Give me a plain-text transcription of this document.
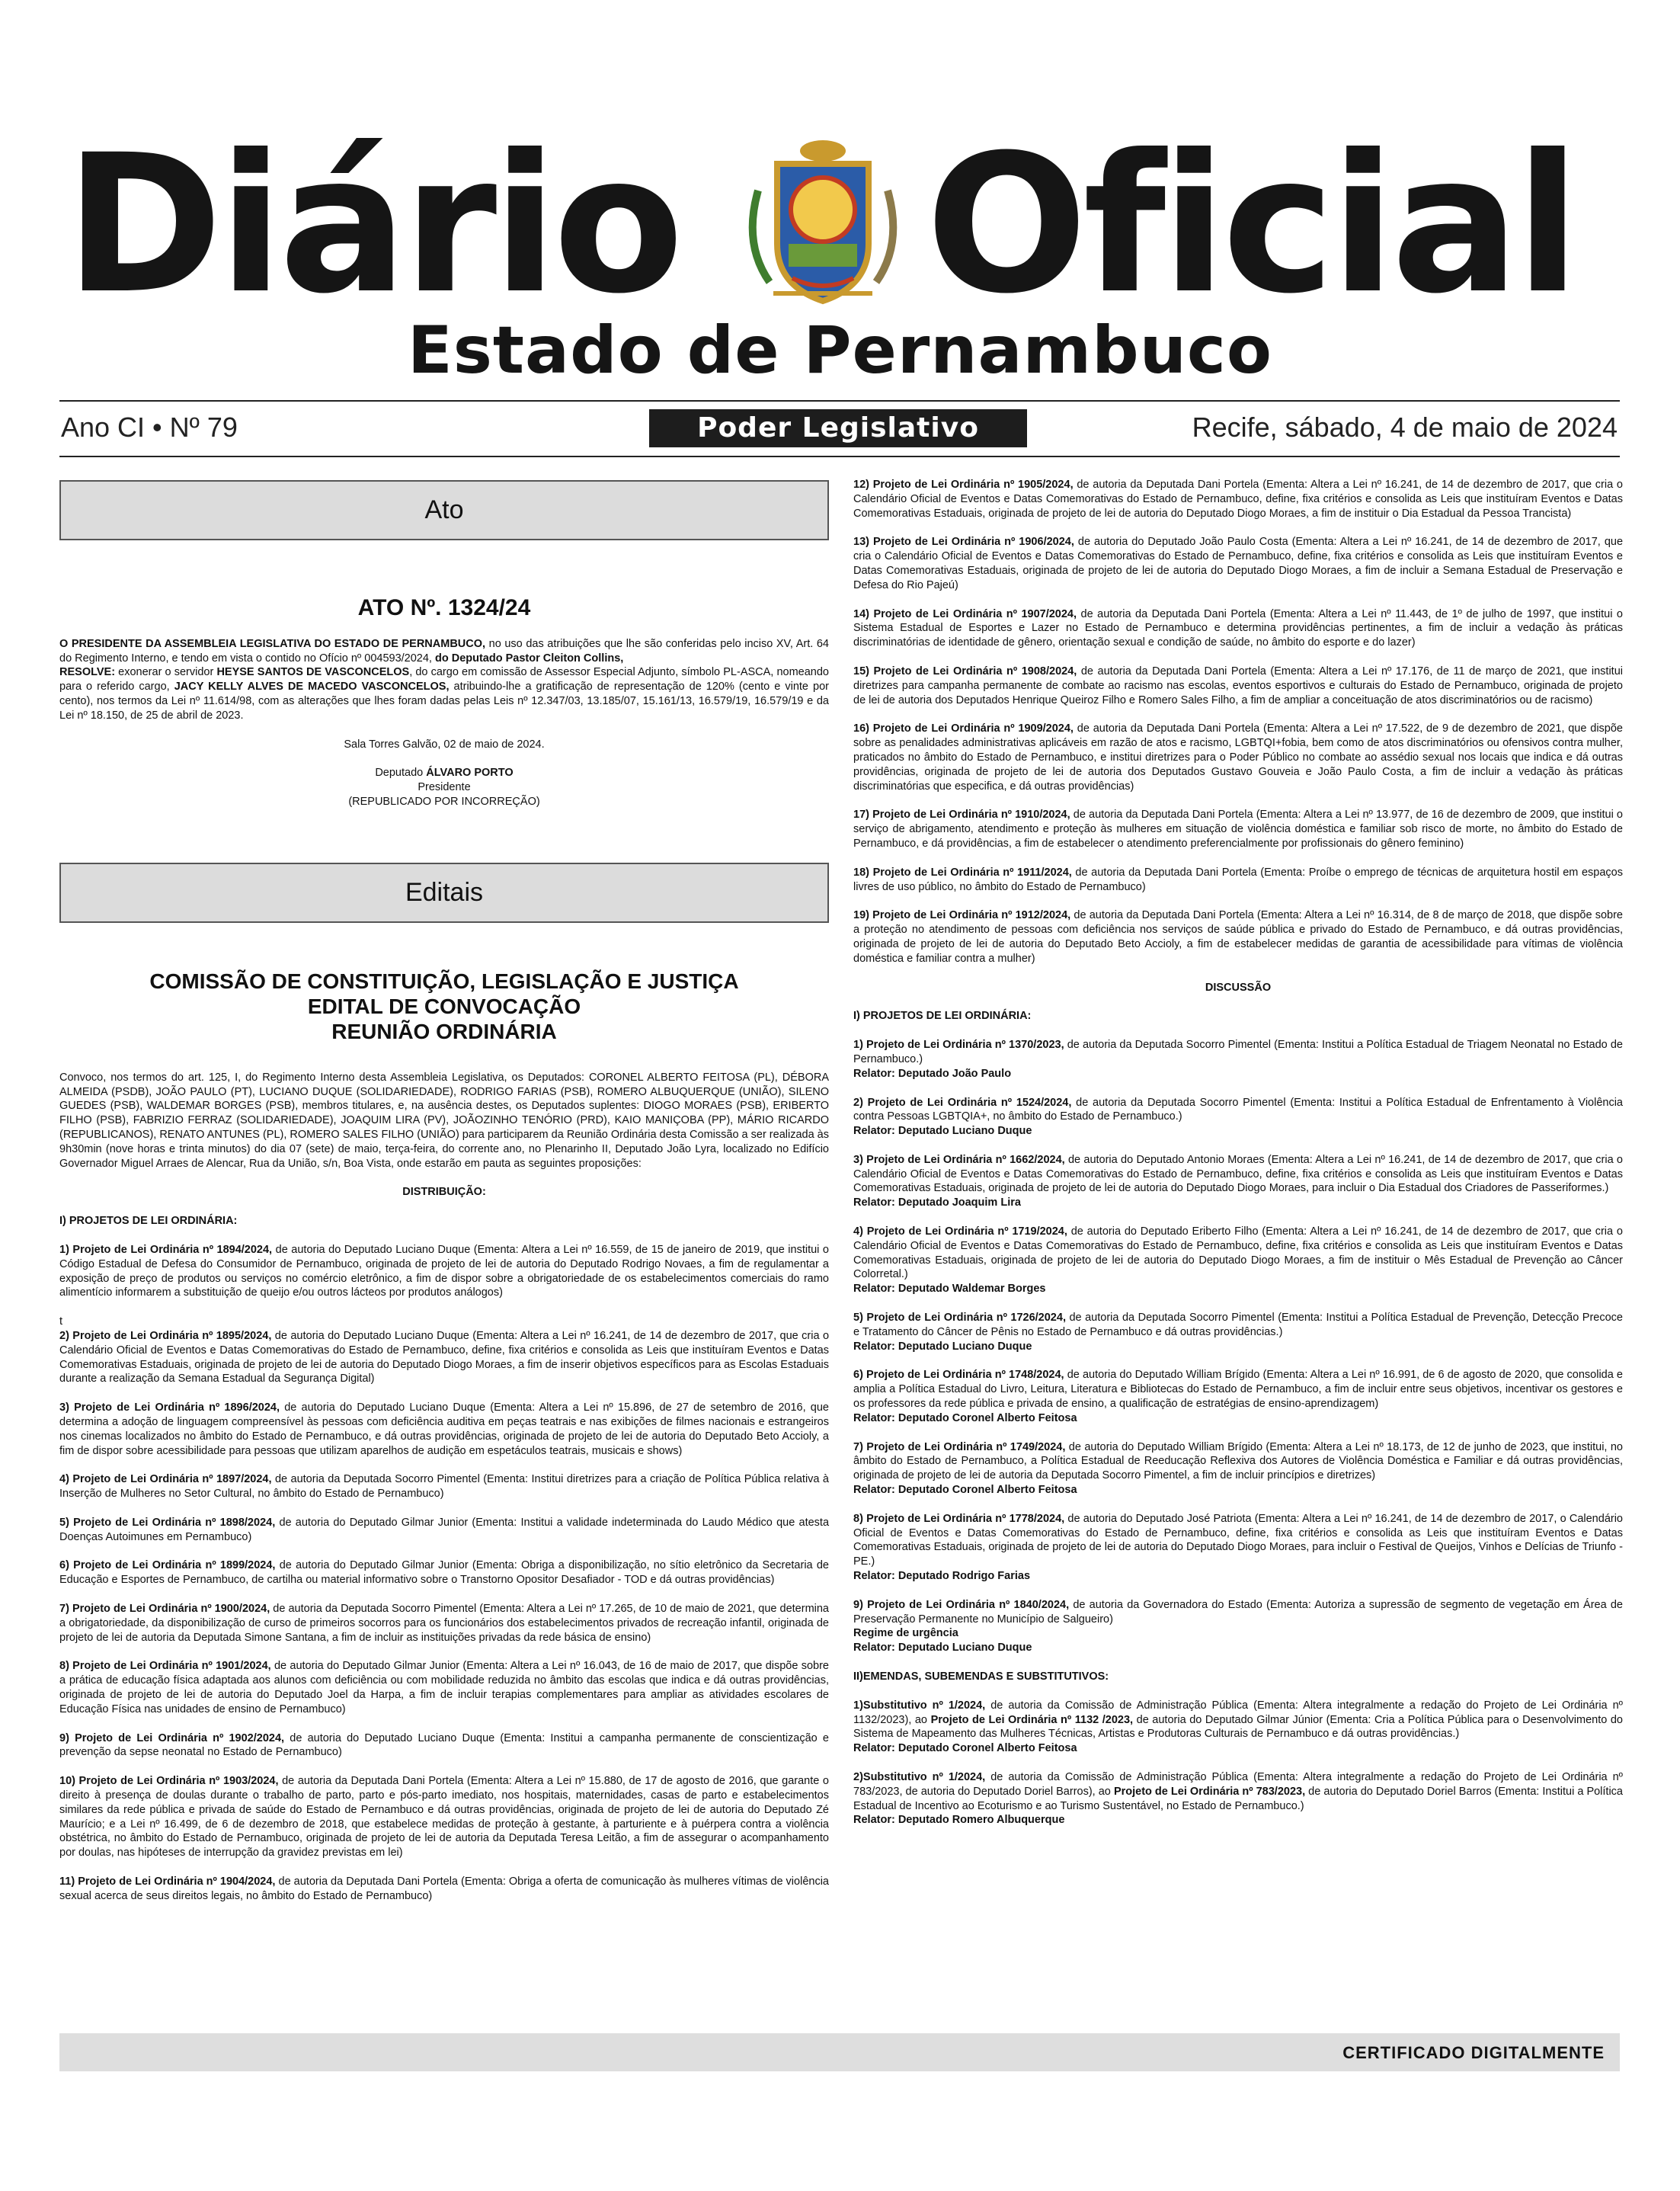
Diário Oficial
Estado de Pernambuco
Ano CI • Nº 79	Poder Legislativo	Recife, sábado, 4 de maio de 2024
Ato
ATO Nº. 1324/24
O PRESIDENTE DA ASSEMBLEIA LEGISLATIVA DO ESTADO DE PERNAMBUCO, no uso das atribuições que lhe são conferidas pelo inciso XV, Art. 64 do Regimento Interno, e tendo em vista o contido no Ofício nº 004593/2024, do Deputado Pastor Cleiton Collins,
RESOLVE: exonerar o servidor HEYSE SANTOS DE VASCONCELOS, do cargo em comissão de Assessor Especial Adjunto, símbolo PL-ASCA, nomeando para o referido cargo, JACY KELLY ALVES DE MACEDO VASCONCELOS, atribuindo-lhe a gratificação de representação de 120% (cento e vinte por cento), nos termos da Lei nº 11.614/98, com as alterações que lhes foram dadas pelas Leis nº 12.347/03, 13.185/07, 15.161/13, 16.579/19, 16.579/19 e da Lei nº 18.150, de 25 de abril de 2023.
Sala Torres Galvão, 02 de maio de 2024.
Deputado ÁLVARO PORTO
Presidente
(REPUBLICADO POR INCORREÇÃO)
Editais
COMISSÃO DE CONSTITUIÇÃO, LEGISLAÇÃO E JUSTIÇA
EDITAL DE CONVOCAÇÃO
REUNIÃO ORDINÁRIA
Convoco, nos termos do art. 125, I, do Regimento Interno desta Assembleia Legislativa, os Deputados: CORONEL ALBERTO FEITOSA (PL), DÉBORA ALMEIDA (PSDB), JOÃO PAULO (PT), LUCIANO DUQUE (SOLIDARIEDADE), RODRIGO FARIAS (PSB), ROMERO ALBUQUERQUE (UNIÃO), SILENO GUEDES (PSB), WALDEMAR BORGES (PSB), membros titulares, e, na ausência destes, os Deputados suplentes: DIOGO MORAES (PSB), ERIBERTO FILHO (PSB), FABRIZIO FERRAZ (SOLIDARIEDADE), JOAQUIM LIRA (PV), JOÃOZINHO TENÓRIO (PRD), KAIO MANIÇOBA (PP), MÁRIO RICARDO (REPUBLICANOS), RENATO ANTUNES (PL), ROMERO SALES FILHO (UNIÃO) para participarem da Reunião Ordinária desta Comissão a ser realizada às 9h30min (nove horas e trinta minutos) do dia 07 (sete) de maio, terça-feira, do corrente ano, no Plenarinho II, Deputado João Lyra, localizado no Edifício Governador Miguel Arraes de Alencar, Rua da União, s/n, Boa Vista, onde estarão em pauta as seguintes proposições:
DISTRIBUIÇÃO:
I) PROJETOS DE LEI ORDINÁRIA:
1) Projeto de Lei Ordinária nº 1894/2024, de autoria do Deputado Luciano Duque (Ementa: Altera a Lei nº 16.559, de 15 de janeiro de 2019, que institui o Código Estadual de Defesa do Consumidor de Pernambuco, originada de projeto de lei de autoria do Deputado Rodrigo Novaes, a fim de regulamentar a exposição de preço de produtos ou serviços no comércio eletrônico, a fim de dispor sobre a obrigatoriedade de os estabelecimentos comerciais do ramo alimentício informarem a substituição de queijo e/ou outros lácteos por produtos análogos)
t
2) Projeto de Lei Ordinária nº 1895/2024, de autoria do Deputado Luciano Duque (Ementa: Altera a Lei nº 16.241, de 14 de dezembro de 2017, que cria o Calendário Oficial de Eventos e Datas Comemorativas do Estado de Pernambuco, define, fixa critérios e consolida as Leis que instituíram Eventos e Datas Comemorativas Estaduais, originada de projeto de lei de autoria do Deputado Diogo Moraes, a fim de inserir objetivos específicos para as Escolas Estaduais durante a realização da Semana Estadual da Segurança Digital)
3) Projeto de Lei Ordinária nº 1896/2024, de autoria do Deputado Luciano Duque (Ementa: Altera a Lei nº 15.896, de 27 de setembro de 2016, que determina a adoção de linguagem compreensível às pessoas com deficiência auditiva em peças teatrais e nas exibições de filmes nacionais e estrangeiros nos cinemas localizados no âmbito do Estado de Pernambuco, e dá outras providências, originada de projeto de lei de autoria do Deputado Beto Accioly, a fim de dispor sobre acessibilidade para pessoas que utilizam aparelhos de audição em espetáculos teatrais, musicais e shows)
4) Projeto de Lei Ordinária nº 1897/2024, de autoria da Deputada Socorro Pimentel (Ementa: Institui diretrizes para a criação de Política Pública relativa à Inserção de Mulheres no Setor Cultural, no âmbito do Estado de Pernambuco)
5) Projeto de Lei Ordinária nº 1898/2024, de autoria do Deputado Gilmar Junior (Ementa: Institui a validade indeterminada do Laudo Médico que atesta Doenças Autoimunes em Pernambuco)
6) Projeto de Lei Ordinária nº 1899/2024, de autoria do Deputado Gilmar Junior (Ementa: Obriga a disponibilização, no sítio eletrônico da Secretaria de Educação e Esportes de Pernambuco, de cartilha ou material informativo sobre o Transtorno Opositor Desafiador - TOD e dá outras providências)
7) Projeto de Lei Ordinária nº 1900/2024, de autoria da Deputada Socorro Pimentel (Ementa: Altera a Lei nº 17.265, de 10 de maio de 2021, que determina a obrigatoriedade, da disponibilização de curso de primeiros socorros para os funcionários dos estabelecimentos privados de recreação infantil, originada de projeto de lei de autoria da Deputada Simone Santana, a fim de incluir as instituições privadas da rede básica de ensino)
8) Projeto de Lei Ordinária nº 1901/2024, de autoria do Deputado Gilmar Junior (Ementa: Altera a Lei nº 16.043, de 16 de maio de 2017, que dispõe sobre a prática de educação física adaptada aos alunos com deficiência ou com mobilidade reduzida no âmbito das escolas que indica e dá outras providências, originada de projeto de lei de autoria do Deputado Joel da Harpa, a fim de incluir terapias complementares para ampliar as atividades escolares de Educação Física nas unidades de ensino de Pernambuco)
9) Projeto de Lei Ordinária nº 1902/2024, de autoria do Deputado Luciano Duque (Ementa: Institui a campanha permanente de conscientização e prevenção da sepse neonatal no Estado de Pernambuco)
10) Projeto de Lei Ordinária nº 1903/2024, de autoria da Deputada Dani Portela (Ementa: Altera a Lei nº 15.880, de 17 de agosto de 2016, que garante o direito à presença de doulas durante o trabalho de parto, parto e pós-parto imediato, nos hospitais, maternidades, casas de parto e estabelecimentos similares da rede pública e privada de saúde do Estado de Pernambuco e dá outras providências, originada de projeto de lei de autoria do Deputado Zé Maurício; e a Lei nº 16.499, de 6 de dezembro de 2018, que estabelece medidas de proteção à gestante, à parturiente e à puérpera contra a violência obstétrica, no âmbito do Estado de Pernambuco, originada de projeto de lei de autoria da Deputada Teresa Leitão, a fim de assegurar o acompanhamento por doulas, nas hipóteses de interrupção da gravidez previstas em lei)
11) Projeto de Lei Ordinária nº 1904/2024, de autoria da Deputada Dani Portela (Ementa: Obriga a oferta de comunicação às mulheres vítimas de violência sexual acerca de seus direitos legais, no âmbito do Estado de Pernambuco)
12) Projeto de Lei Ordinária nº 1905/2024, de autoria da Deputada Dani Portela (Ementa: Altera a Lei nº 16.241, de 14 de dezembro de 2017, que cria o Calendário Oficial de Eventos e Datas Comemorativas do Estado de Pernambuco, define, fixa critérios e consolida as Leis que instituíram Eventos e Datas Comemorativas Estaduais, originada de projeto de lei de autoria do Deputado Diogo Moraes, a fim de instituir o Dia Estadual da Pessoa Trancista)
13) Projeto de Lei Ordinária nº 1906/2024, de autoria do Deputado João Paulo Costa (Ementa: Altera a Lei nº 16.241, de 14 de dezembro de 2017, que cria o Calendário Oficial de Eventos e Datas Comemorativas do Estado de Pernambuco, define, fixa critérios e consolida as Leis que instituíram Eventos e Datas Comemorativas Estaduais, originada de projeto de lei de autoria do Deputado Diogo Moraes, a fim de incluir a Semana Estadual de Preservação e Defesa do Rio Pajeú)
14) Projeto de Lei Ordinária nº 1907/2024, de autoria da Deputada Dani Portela (Ementa: Altera a Lei nº 11.443, de 1º de julho de 1997, que institui o Sistema Estadual de Esportes e Lazer no Estado de Pernambuco e determina providências pertinentes, a fim de incluir a vedação às práticas discriminatórias de identidade de gênero, orientação sexual e condição de saúde, no âmbito do esporte e do lazer)
15) Projeto de Lei Ordinária nº 1908/2024, de autoria da Deputada Dani Portela (Ementa: Altera a Lei nº 17.176, de 11 de março de 2021, que institui diretrizes para campanha permanente de combate ao racismo nas escolas, eventos esportivos e culturais do Estado de Pernambuco, originada de projeto de lei de autoria dos Deputados Henrique Queiroz Filho e Romero Sales Filho, a fim de ampliar a conceituação de atos discriminatórios ou de racismo)
16) Projeto de Lei Ordinária nº 1909/2024, de autoria da Deputada Dani Portela (Ementa: Altera a Lei nº 17.522, de 9 de dezembro de 2021, que dispõe sobre as penalidades administrativas aplicáveis em razão de atos e racismo, LGBTQI+fobia, bem como de atos discriminatórios ou ofensivos contra mulher, praticados no âmbito do Estado de Pernambuco, e institui diretrizes para o Poder Público no combate ao assédio sexual nos locais que indica e dá outras providências, originada de projeto de lei de autoria dos Deputados Gustavo Gouveia e João Paulo Costa, a fim de incluir a vedação às práticas discriminatórias que especifica, e dá outras providências)
17) Projeto de Lei Ordinária nº 1910/2024, de autoria da Deputada Dani Portela (Ementa: Altera a Lei nº 13.977, de 16 de dezembro de 2009, que institui o serviço de abrigamento, atendimento e proteção às mulheres em situação de violência doméstica e familiar sob risco de morte, no âmbito do Estado de Pernambuco, e dá providências, a fim de estabelecer o atendimento preferencialmente por profissionais do gênero feminino)
18) Projeto de Lei Ordinária nº 1911/2024, de autoria da Deputada Dani Portela (Ementa: Proíbe o emprego de técnicas de arquitetura hostil em espaços livres de uso público, no âmbito do Estado de Pernambuco)
19) Projeto de Lei Ordinária nº 1912/2024, de autoria da Deputada Dani Portela (Ementa: Altera a Lei nº 16.314, de 8 de março de 2018, que dispõe sobre a proteção no atendimento de pessoas com deficiência nos serviços de saúde pública e privado do Estado de Pernambuco, e dá outras providências, originada de projeto de lei de autoria do Deputado Beto Accioly, a fim de estabelecer medidas de garantia de acessibilidade para vítimas de violência doméstica e familiar contra a mulher)
DISCUSSÃO
I) PROJETOS DE LEI ORDINÁRIA:
1) Projeto de Lei Ordinária nº 1370/2023, de autoria da Deputada Socorro Pimentel (Ementa: Institui a Política Estadual de Triagem Neonatal no Estado de Pernambuco.)
Relator: Deputado João Paulo
2) Projeto de Lei Ordinária nº 1524/2024, de autoria da Deputada Socorro Pimentel (Ementa: Institui a Política Estadual de Enfrentamento à Violência contra Pessoas LGBTQIA+, no âmbito do Estado de Pernambuco.)
Relator: Deputado Luciano Duque
3) Projeto de Lei Ordinária nº 1662/2024, de autoria do Deputado Antonio Moraes (Ementa: Altera a Lei nº 16.241, de 14 de dezembro de 2017, que cria o Calendário Oficial de Eventos e Datas Comemorativas do Estado de Pernambuco, define, fixa critérios e consolida as Leis que instituíram Eventos e Datas Comemorativas Estaduais, originada de projeto de lei de autoria do Deputado Diogo Moraes, para incluir o Dia Estadual dos Criadores de Passeriformes.)
Relator: Deputado Joaquim Lira
4) Projeto de Lei Ordinária nº 1719/2024, de autoria do Deputado Eriberto Filho (Ementa: Altera a Lei nº 16.241, de 14 de dezembro de 2017, que cria o Calendário Oficial de Eventos e Datas Comemorativas do Estado de Pernambuco, define, fixa critérios e consolida as Leis que instituíram Eventos e Datas Comemorativas Estaduais, originada de projeto de lei de autoria do Deputado Diogo Moraes, a fim de instituir o Mês Estadual de Prevenção ao Câncer Colorretal.)
Relator: Deputado Waldemar Borges
5) Projeto de Lei Ordinária nº 1726/2024, de autoria da Deputada Socorro Pimentel (Ementa: Institui a Política Estadual de Prevenção, Detecção Precoce e Tratamento do Câncer de Pênis no Estado de Pernambuco e dá outras providências.)
Relator: Deputado Luciano Duque
6) Projeto de Lei Ordinária nº 1748/2024, de autoria do Deputado William Brígido (Ementa: Altera a Lei nº 16.991, de 6 de agosto de 2020, que consolida e amplia a Política Estadual do Livro, Leitura, Literatura e Bibliotecas do Estado de Pernambuco, a fim de incluir entre seus objetivos, incentivar os gestores e os professores da rede pública e privada de ensino, a qualificação de estratégias de ensino-aprendizagem)
Relator: Deputado Coronel Alberto Feitosa
7) Projeto de Lei Ordinária nº 1749/2024, de autoria do Deputado William Brígido (Ementa: Altera a Lei nº 18.173, de 12 de junho de 2023, que institui, no âmbito do Estado de Pernambuco, a Política Estadual de Reeducação Reflexiva dos Autores de Violência Doméstica e Familiar e dá outras providências, originada de projeto de lei de autoria da Deputada Socorro Pimentel, a fim de incluir princípios e diretrizes)
Relator: Deputado Coronel Alberto Feitosa
8) Projeto de Lei Ordinária nº 1778/2024, de autoria do Deputado José Patriota (Ementa: Altera a Lei nº 16.241, de 14 de dezembro de 2017, o Calendário Oficial de Eventos e Datas Comemorativas do Estado de Pernambuco, define, fixa critérios e consolida as Leis que instituíram Eventos e Datas Comemorativas Estaduais, originada de projeto de lei de autoria do Deputado Diogo Moraes, para incluir o Festival de Queijos, Vinhos e Delícias de Triunfo - PE.)
Relator: Deputado Rodrigo Farias
9) Projeto de Lei Ordinária nº 1840/2024, de autoria da Governadora do Estado (Ementa: Autoriza a supressão de segmento de vegetação em Área de Preservação Permanente no Município de Salgueiro)
Regime de urgência
Relator: Deputado Luciano Duque
II)EMENDAS, SUBEMENDAS E SUBSTITUTIVOS:
1)Substitutivo nº 1/2024, de autoria da Comissão de Administração Pública (Ementa: Altera integralmente a redação do Projeto de Lei Ordinária nº 1132/2023), ao Projeto de Lei Ordinária nº 1132 /2023, de autoria do Deputado Gilmar Júnior (Ementa: Cria a Política Pública para o Desenvolvimento do Sistema de Mapeamento das Mulheres Técnicas, Artistas e Produtoras Culturais de Pernambuco e dá outras providências.)
Relator: Deputado Coronel Alberto Feitosa
2)Substitutivo nº 1/2024, de autoria da Comissão de Administração Pública (Ementa: Altera integralmente a redação do Projeto de Lei Ordinária nº 783/2023, de autoria do Deputado Doriel Barros), ao Projeto de Lei Ordinária nº 783/2023, de autoria do Deputado Doriel Barros (Ementa: Institui a Política Estadual de Incentivo ao Ecoturismo e ao Turismo Sustentável, no Estado de Pernambuco.)
Relator: Deputado Romero Albuquerque
CERTIFICADO DIGITALMENTE
